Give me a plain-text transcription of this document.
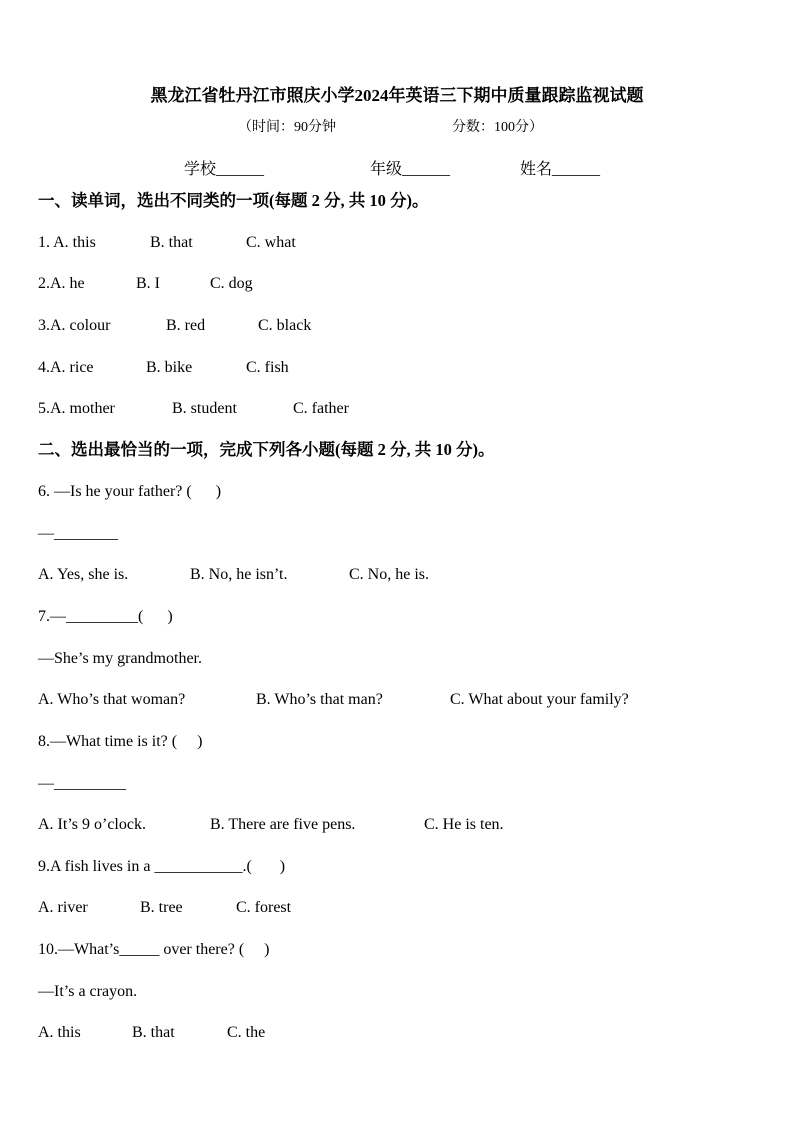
黑龙江省牡丹江市照庆小学2024年英语三下期中质量跟踪监视试题
（时间：90分钟	分数：100分）
学校______	年级______	姓名______
一、读单词，选出不同类的一项(每题 2 分, 共 10 分)。
1. A. this	B. that	C. what
2.A. he	B. I	C. dog
3.A. colour	B. red	C. black
4.A. rice	B. bike	C. fish
5.A. mother	B. student	C. father
二、选出最恰当的一项，完成下列各小题(每题 2 分, 共 10 分)。
6. —Is he your father? (      )
—________
A. Yes, she is.	B. No, he isn’t.	C. No, he is.
7.—_________(      )
—She’s my grandmother.
A. Who’s that woman?	B. Who’s that man?	C. What about your family?
8.—What time is it? (     )
—_________
A. It’s 9 o’clock.	B. There are five pens.	C. He is ten.
9.A fish lives in a ___________.(       )
A. river	B. tree	C. forest
10.—What’s_____ over there? (     )
—It’s a crayon.
A. this	B. that	C. the
